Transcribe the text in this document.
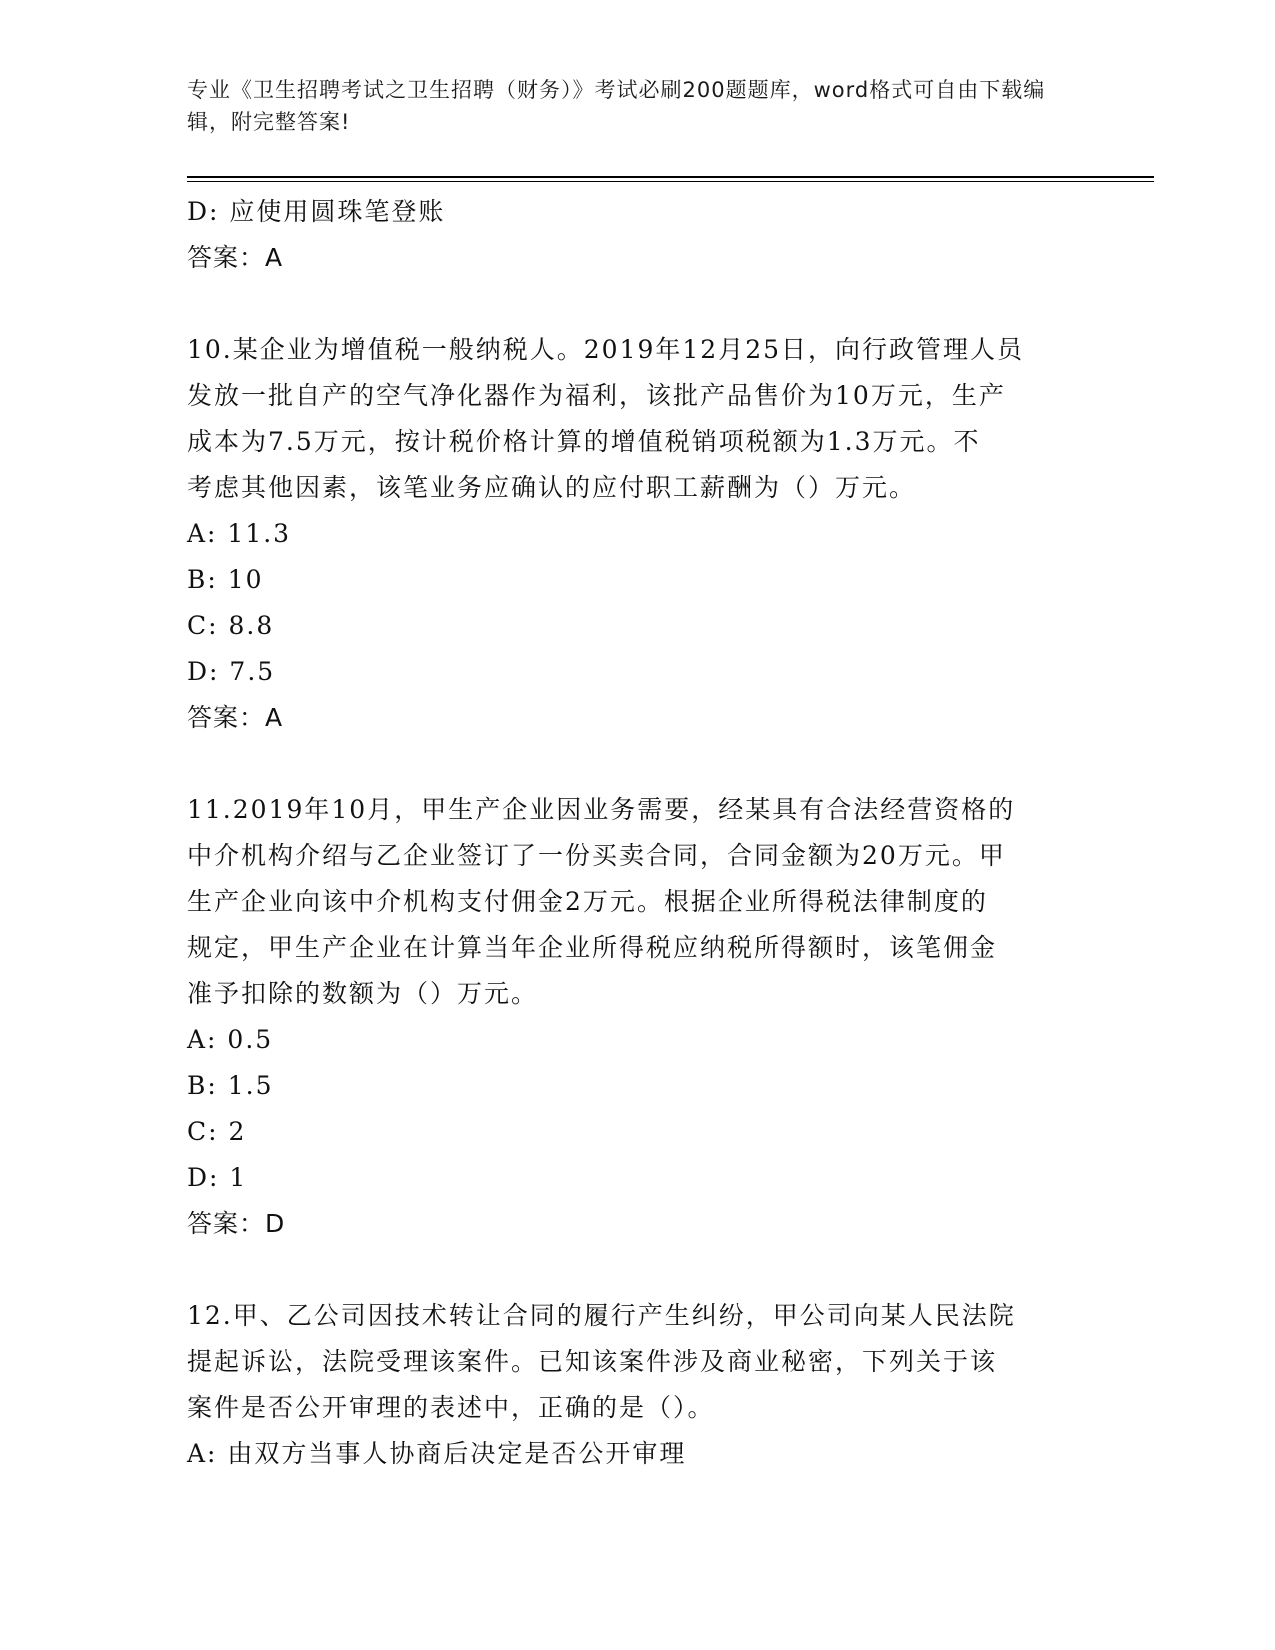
专业《卫生招聘考试之卫生招聘（财务）》考试必刷200题题库，word格式可自由下载编辑，附完整答案!
D: 应使用圆珠笔登账
答案：A
10.某企业为增值税一般纳税人。2019年12月25日，向行政管理人员
发放一批自产的空气净化器作为福利，该批产品售价为10万元，生产
成本为7.5万元，按计税价格计算的增值税销项税额为1.3万元。不
考虑其他因素，该笔业务应确认的应付职工薪酬为（）万元。
A: 11.3
B: 10
C: 8.8
D: 7.5
答案：A
11.2019年10月，甲生产企业因业务需要，经某具有合法经营资格的
中介机构介绍与乙企业签订了一份买卖合同，合同金额为20万元。甲
生产企业向该中介机构支付佣金2万元。根据企业所得税法律制度的
规定，甲生产企业在计算当年企业所得税应纳税所得额时，该笔佣金
准予扣除的数额为（）万元。
A: 0.5
B: 1.5
C: 2
D: 1
答案：D
12.甲、乙公司因技术转让合同的履行产生纠纷，甲公司向某人民法院
提起诉讼，法院受理该案件。已知该案件涉及商业秘密，下列关于该
案件是否公开审理的表述中，正确的是（）。
A: 由双方当事人协商后决定是否公开审理
